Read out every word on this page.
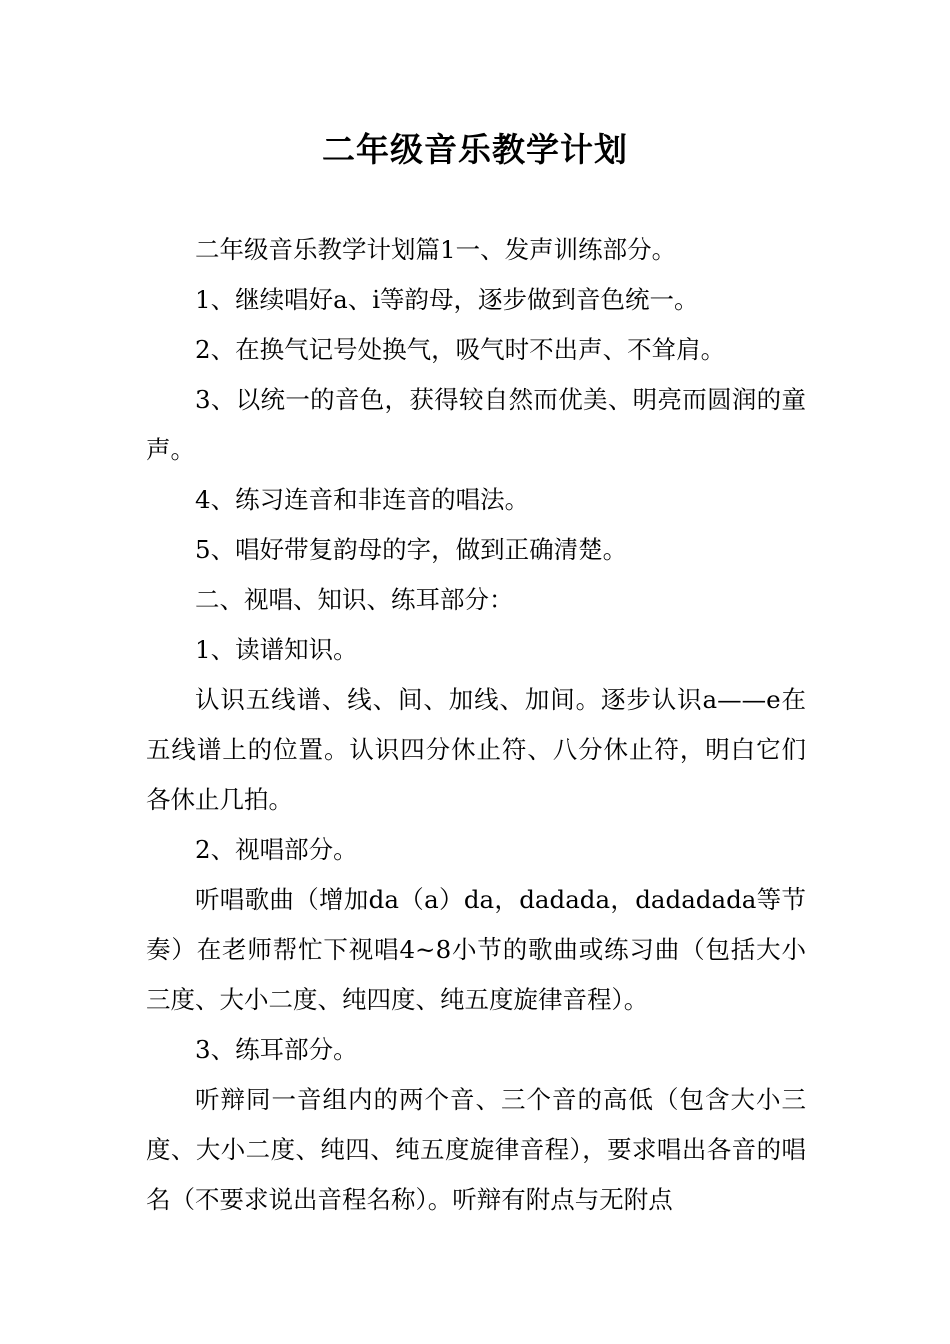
二年级音乐教学计划

二年级音乐教学计划篇1一、发声训练部分。

1、继续唱好a、i等韵母，逐步做到音色统一。

2、在换气记号处换气，吸气时不出声、不耸肩。

3、以统一的音色，获得较自然而优美、明亮而圆润的童声。

4、练习连音和非连音的唱法。

5、唱好带复韵母的字，做到正确清楚。

二、视唱、知识、练耳部分：

1、读谱知识。

认识五线谱、线、间、加线、加间。逐步认识a——e在五线谱上的位置。认识四分休止符、八分休止符，明白它们各休止几拍。

2、视唱部分。

听唱歌曲（增加da（a）da，dadada，dadadada等节奏）在老师帮忙下视唱4~8小节的歌曲或练习曲（包括大小三度、大小二度、纯四度、纯五度旋律音程）。

3、练耳部分。

听辩同一音组内的两个音、三个音的高低（包含大小三度、大小二度、纯四、纯五度旋律音程），要求唱出各音的唱名（不要求说出音程名称）。听辩有附点与无附点
